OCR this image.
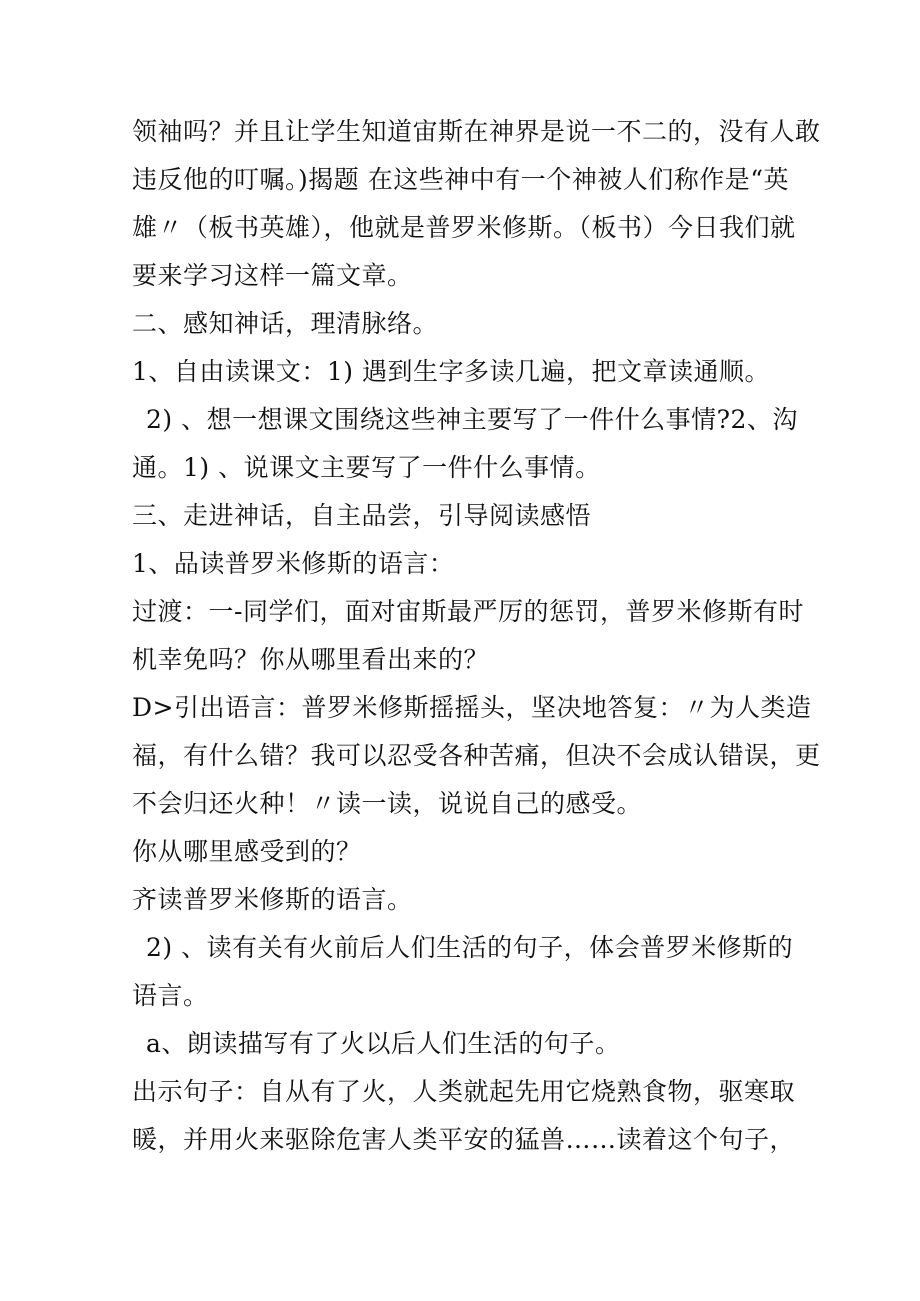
领袖吗？并且让学生知道宙斯在神界是说一不二的，没有人敢
违反他的叮嘱。)揭题 在这些神中有一个神被人们称作是“英
雄〃（板书英雄），他就是普罗米修斯。（板书）今日我们就
要来学习这样一篇文章。
二、感知神话，理清脉络。
1、自由读课文：1) 遇到生字多读几遍，把文章读通顺。
2) 、想一想课文围绕这些神主要写了一件什么事情?2、沟
通。1) 、说课文主要写了一件什么事情。
三、走进神话，自主品尝，引导阅读感悟
1、品读普罗米修斯的语言：
过渡：一-同学们，面对宙斯最严厉的惩罚，普罗米修斯有时
机幸免吗？你从哪里看出来的？
D>引出语言：普罗米修斯摇摇头，坚决地答复：〃为人类造
福，有什么错？我可以忍受各种苦痛，但决不会成认错误，更
不会归还火种！〃读一读，说说自己的感受。
你从哪里感受到的？
齐读普罗米修斯的语言。
2) 、读有关有火前后人们生活的句子，体会普罗米修斯的
语言。
a、朗读描写有了火以后人们生活的句子。
出示句子：自从有了火，人类就起先用它烧熟食物，驱寒取
暖，并用火来驱除危害人类平安的猛兽……读着这个句子，
